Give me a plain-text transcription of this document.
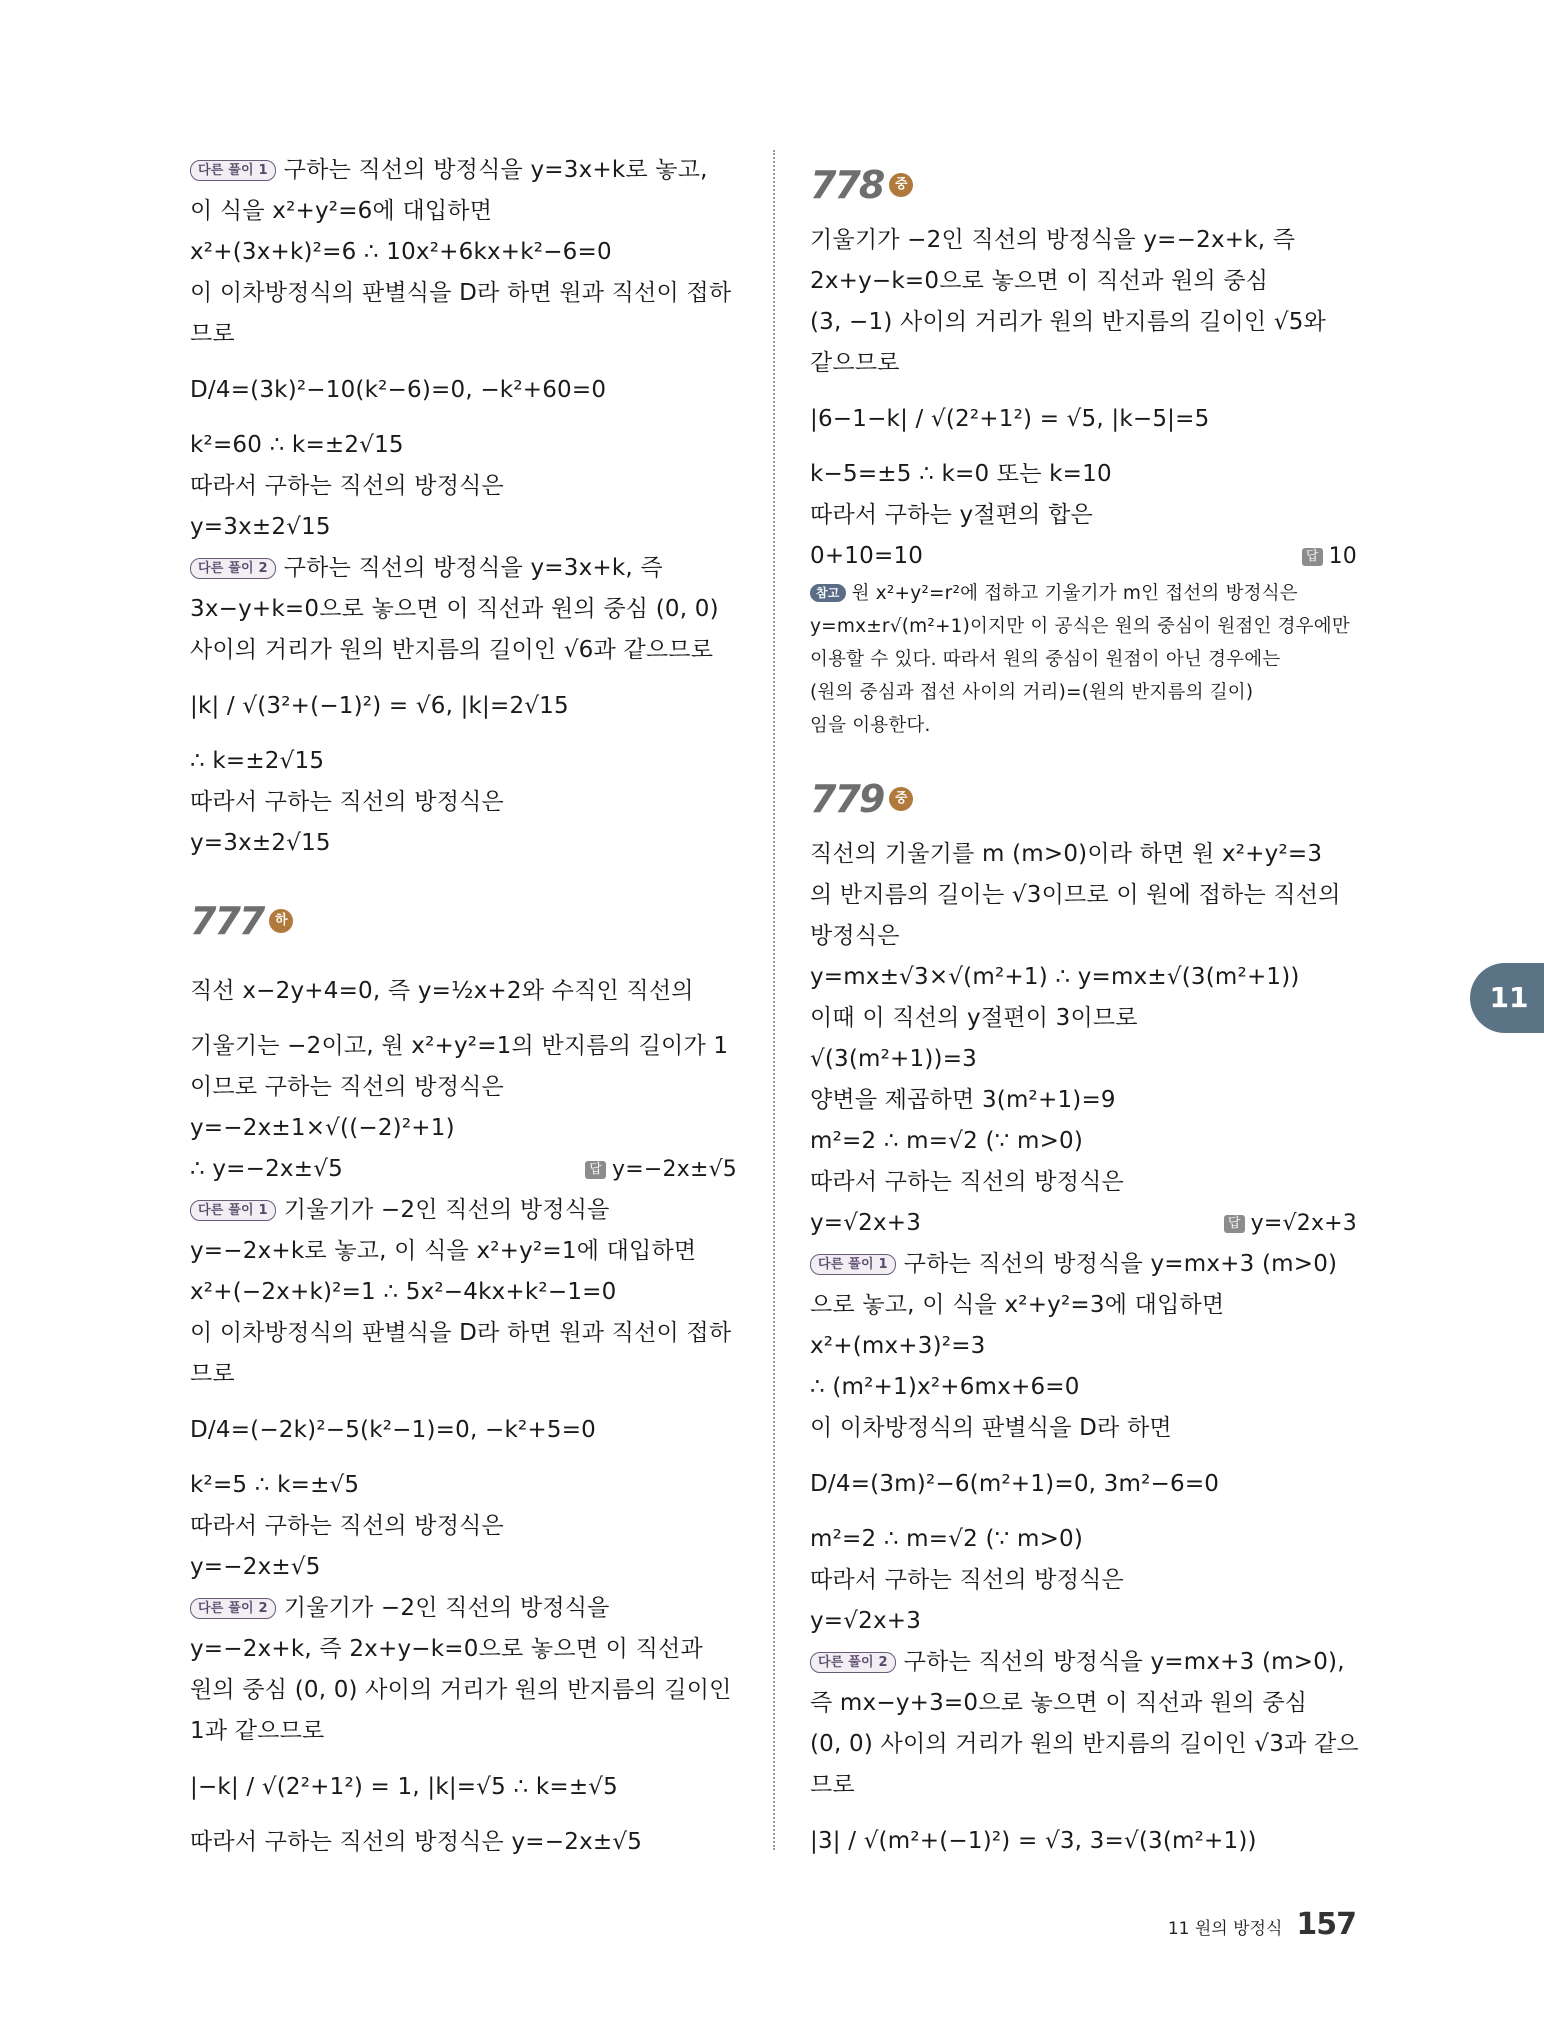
다른 풀이 1 구하는 직선의 방정식을 y=3x+k로 놓고,
이 식을 x²+y²=6에 대입하면
x²+(3x+k)²=6 ∴ 10x²+6kx+k²−6=0
이 이차방정식의 판별식을 D라 하면 원과 직선이 접하
므로
D/4=(3k)²−10(k²−6)=0, −k²+60=0
k²=60 ∴ k=±2√15
따라서 구하는 직선의 방정식은
y=3x±2√15
다른 풀이 2 구하는 직선의 방정식을 y=3x+k, 즉
3x−y+k=0으로 놓으면 이 직선과 원의 중심 (0, 0)
사이의 거리가 원의 반지름의 길이인 √6과 같으므로
|k| / √(3²+(−1)²) = √6, |k|=2√15
∴ k=±2√15
따라서 구하는 직선의 방정식은
y=3x±2√15
777 하
직선 x−2y+4=0, 즉 y=½x+2와 수직인 직선의
기울기는 −2이고, 원 x²+y²=1의 반지름의 길이가 1
이므로 구하는 직선의 방정식은
y=−2x±1×√((−2)²+1)
∴ y=−2x±√5	답 y=−2x±√5
다른 풀이 1 기울기가 −2인 직선의 방정식을
y=−2x+k로 놓고, 이 식을 x²+y²=1에 대입하면
x²+(−2x+k)²=1 ∴ 5x²−4kx+k²−1=0
이 이차방정식의 판별식을 D라 하면 원과 직선이 접하
므로
D/4=(−2k)²−5(k²−1)=0, −k²+5=0
k²=5 ∴ k=±√5
따라서 구하는 직선의 방정식은
y=−2x±√5
다른 풀이 2 기울기가 −2인 직선의 방정식을
y=−2x+k, 즉 2x+y−k=0으로 놓으면 이 직선과
원의 중심 (0, 0) 사이의 거리가 원의 반지름의 길이인
1과 같으므로
|−k| / √(2²+1²) = 1, |k|=√5 ∴ k=±√5
따라서 구하는 직선의 방정식은 y=−2x±√5
778 중
기울기가 −2인 직선의 방정식을 y=−2x+k, 즉
2x+y−k=0으로 놓으면 이 직선과 원의 중심
(3, −1) 사이의 거리가 원의 반지름의 길이인 √5와
같으므로
|6−1−k| / √(2²+1²) = √5, |k−5|=5
k−5=±5 ∴ k=0 또는 k=10
따라서 구하는 y절편의 합은
0+10=10	답 10
참고 원 x²+y²=r²에 접하고 기울기가 m인 접선의 방정식은
y=mx±r√(m²+1)이지만 이 공식은 원의 중심이 원점인 경우에만
이용할 수 있다. 따라서 원의 중심이 원점이 아닌 경우에는
(원의 중심과 접선 사이의 거리)=(원의 반지름의 길이)
임을 이용한다.
779 중
직선의 기울기를 m (m>0)이라 하면 원 x²+y²=3
의 반지름의 길이는 √3이므로 이 원에 접하는 직선의
방정식은
y=mx±√3×√(m²+1) ∴ y=mx±√(3(m²+1))
이때 이 직선의 y절편이 3이므로
√(3(m²+1))=3
양변을 제곱하면 3(m²+1)=9
m²=2 ∴ m=√2 (∵ m>0)
따라서 구하는 직선의 방정식은
y=√2x+3	답 y=√2x+3
다른 풀이 1 구하는 직선의 방정식을 y=mx+3 (m>0)
으로 놓고, 이 식을 x²+y²=3에 대입하면
x²+(mx+3)²=3
∴ (m²+1)x²+6mx+6=0
이 이차방정식의 판별식을 D라 하면
D/4=(3m)²−6(m²+1)=0, 3m²−6=0
m²=2 ∴ m=√2 (∵ m>0)
따라서 구하는 직선의 방정식은
y=√2x+3
다른 풀이 2 구하는 직선의 방정식을 y=mx+3 (m>0),
즉 mx−y+3=0으로 놓으면 이 직선과 원의 중심
(0, 0) 사이의 거리가 원의 반지름의 길이인 √3과 같으
므로
|3| / √(m²+(−1)²) = √3, 3=√(3(m²+1))
11
11 원의 방정식 157
